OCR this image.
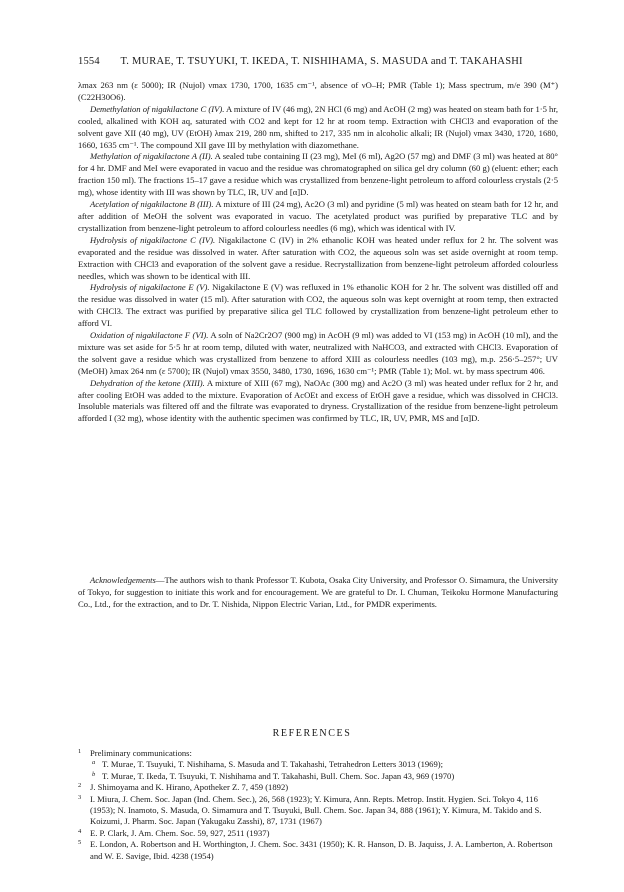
1554 T. MURAE, T. TSUYUKI, T. IKEDA, T. NISHIHAMA, S. MASUDA and T. TAKAHASHI

λmax 263 nm (ε 5000); IR (Nujol) νmax 1730, 1700, 1635 cm⁻¹, absence of νO–H; PMR (Table 1); Mass spectrum, m/e 390 (M⁺) (C22H30O6).

Demethylation of nigakilactone C (IV). A mixture of IV (46 mg), 2N HCl (6 mg) and AcOH (2 mg) was heated on steam bath for 1·5 hr, cooled, alkalined with KOH aq, saturated with CO2 and kept for 12 hr at room temp. Extraction with CHCl3 and evaporation of the solvent gave XII (40 mg), UV (EtOH) λmax 219, 280 nm, shifted to 217, 335 nm in alcoholic alkali; IR (Nujol) νmax 3430, 1720, 1680, 1660, 1635 cm⁻¹. The compound XII gave III by methylation with diazomethane.

Methylation of nigakilactone A (II). A sealed tube containing II (23 mg), MeI (6 ml), Ag2O (57 mg) and DMF (3 ml) was heated at 80° for 4 hr. DMF and MeI were evaporated in vacuo and the residue was chromatographed on silica gel dry column (60 g) (eluent: ether; each fraction 150 ml). The fractions 15–17 gave a residue which was crystallized from benzene-light petroleum to afford colourless crystals (2·5 mg), whose identity with III was shown by TLC, IR, UV and [α]D.

Acetylation of nigakilactone B (III). A mixture of III (24 mg), Ac2O (3 ml) and pyridine (5 ml) was heated on steam bath for 12 hr, and after addition of MeOH the solvent was evaporated in vacuo. The acetylated product was purified by preparative TLC and by crystallization from benzene-light petroleum to afford colourless needles (6 mg), which was identical with IV.

Hydrolysis of nigakilactone C (IV). Nigakilactone C (IV) in 2% ethanolic KOH was heated under reflux for 2 hr. The solvent was evaporated and the residue was dissolved in water. After saturation with CO2, the aqueous soln was set aside overnight at room temp. Extraction with CHCl3 and evaporation of the solvent gave a residue. Recrystallization from benzene-light petroleum afforded colourless needles, which was shown to be identical with III.

Hydrolysis of nigakilactone E (V). Nigakilactone E (V) was refluxed in 1% ethanolic KOH for 2 hr. The solvent was distilled off and the residue was dissolved in water (15 ml). After saturation with CO2, the aqueous soln was kept overnight at room temp, then extracted with CHCl3. The extract was purified by preparative silica gel TLC followed by crystallization from benzene-light petroleum ether to afford VI.

Oxidation of nigakilactone F (VI). A soln of Na2Cr2O7 (900 mg) in AcOH (9 ml) was added to VI (153 mg) in AcOH (10 ml), and the mixture was set aside for 5·5 hr at room temp, diluted with water, neutralized with NaHCO3, and extracted with CHCl3. Evaporation of the solvent gave a residue which was crystallized from benzene to afford XIII as colourless needles (103 mg), m.p. 256·5–257°; UV (MeOH) λmax 264 nm (ε 5700); IR (Nujol) νmax 3550, 3480, 1730, 1696, 1630 cm⁻¹; PMR (Table 1); Mol. wt. by mass spectrum 406.

Dehydration of the ketone (XIII). A mixture of XIII (67 mg), NaOAc (300 mg) and Ac2O (3 ml) was heated under reflux for 2 hr, and after cooling EtOH was added to the mixture. Evaporation of AcOEt and excess of EtOH gave a residue, which was dissolved in CHCl3. Insoluble materials was filtered off and the filtrate was evaporated to dryness. Crystallization of the residue from benzene-light petroleum afforded I (32 mg), whose identity with the authentic specimen was confirmed by TLC, IR, UV, PMR, MS and [α]D.

Acknowledgements—The authors wish to thank Professor T. Kubota, Osaka City University, and Professor O. Simamura, the University of Tokyo, for suggestion to initiate this work and for encouragement. We are grateful to Dr. I. Chuman, Teikoku Hormone Manufacturing Co., Ltd., for the extraction, and to Dr. T. Nishida, Nippon Electric Varian, Ltd., for PMDR experiments.
REFERENCES
1 Preliminary communications:
a T. Murae, T. Tsuyuki, T. Nishihama, S. Masuda and T. Takahashi, Tetrahedron Letters 3013 (1969);
b T. Murae, T. Ikeda, T. Tsuyuki, T. Nishihama and T. Takahashi, Bull. Chem. Soc. Japan 43, 969 (1970)
2 J. Shimoyama and K. Hirano, Apotheker Z. 7, 459 (1892)
3 I. Miura, J. Chem. Soc. Japan (Ind. Chem. Sec.), 26, 568 (1923); Y. Kimura, Ann. Repts. Metrop. Instit. Hygien. Sci. Tokyo 4, 116 (1953); N. Inamoto, S. Masuda, O. Simamura and T. Tsuyuki, Bull. Chem. Soc. Japan 34, 888 (1961); Y. Kimura, M. Takido and S. Koizumi, J. Pharm. Soc. Japan (Yakugaku Zasshi), 87, 1731 (1967)
4 E. P. Clark, J. Am. Chem. Soc. 59, 927, 2511 (1937)
5 E. London, A. Robertson and H. Worthington, J. Chem. Soc. 3431 (1950); K. R. Hanson, D. B. Jaquiss, J. A. Lamberton, A. Robertson and W. E. Savige, Ibid. 4238 (1954)
